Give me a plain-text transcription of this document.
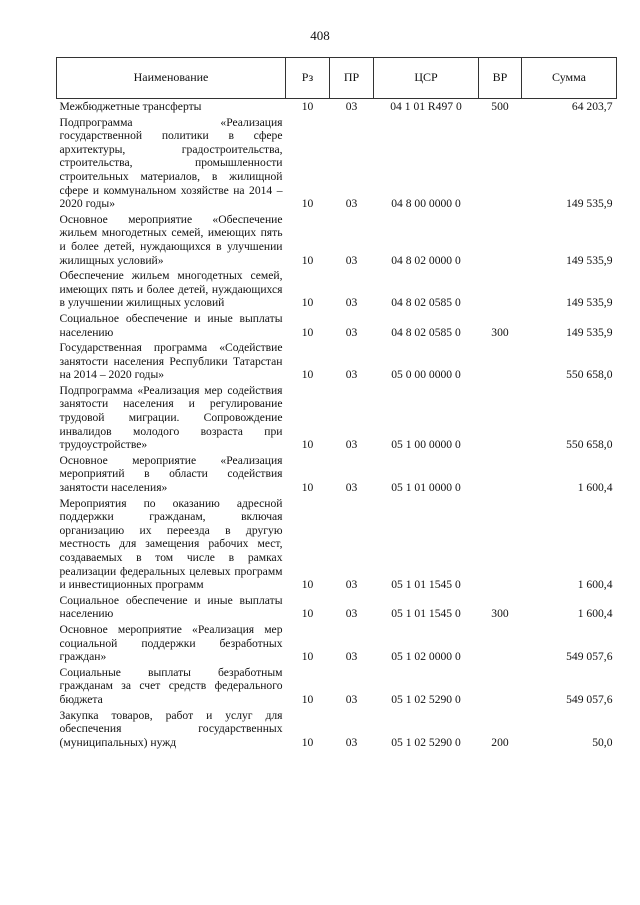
408
Наименование	Рз	ПР	ЦСР	ВР	Сумма
Межбюджетные трансферты	10	03	04 1 01 R497 0	500	64 203,7
Подпрограмма «Реализация государственной политики в сфере архитектуры, градостроительства, строительства, промышленности строительных материалов, в жилищной сфере и коммунальном хозяйстве на 2014 – 2020 годы»	10	03	04 8 00 0000 0		149 535,9
Основное мероприятие «Обеспечение жильем многодетных семей, имеющих пять и более детей, нуждающихся в улучшении жилищных условий»	10	03	04 8 02 0000 0		149 535,9
Обеспечение жильем многодетных семей, имеющих пять и более детей, нуждающихся в улучшении жилищных условий	10	03	04 8 02 0585 0		149 535,9
Социальное обеспечение и иные выплаты населению	10	03	04 8 02 0585 0	300	149 535,9
Государственная программа «Содействие занятости населения Республики Татарстан на 2014 – 2020 годы»	10	03	05 0 00 0000 0		550 658,0
Подпрограмма «Реализация мер содействия занятости населения и регулирование трудовой миграции. Сопровождение инвалидов молодого возраста при трудоустройстве»	10	03	05 1 00 0000 0		550 658,0
Основное мероприятие «Реализация мероприятий в области содействия занятости населения»	10	03	05 1 01 0000 0		1 600,4
Мероприятия по оказанию адресной поддержки гражданам, включая организацию их переезда в другую местность для замещения рабочих мест, создаваемых в том числе в рамках реализации федеральных целевых программ и инвестиционных программ	10	03	05 1 01 1545 0		1 600,4
Социальное обеспечение и иные выплаты населению	10	03	05 1 01 1545 0	300	1 600,4
Основное мероприятие «Реализация мер социальной поддержки безработных граждан»	10	03	05 1 02 0000 0		549 057,6
Социальные выплаты безработным гражданам за счет средств федерального бюджета	10	03	05 1 02 5290 0		549 057,6
Закупка товаров, работ и услуг для обеспечения государственных (муниципальных) нужд	10	03	05 1 02 5290 0	200	50,0
